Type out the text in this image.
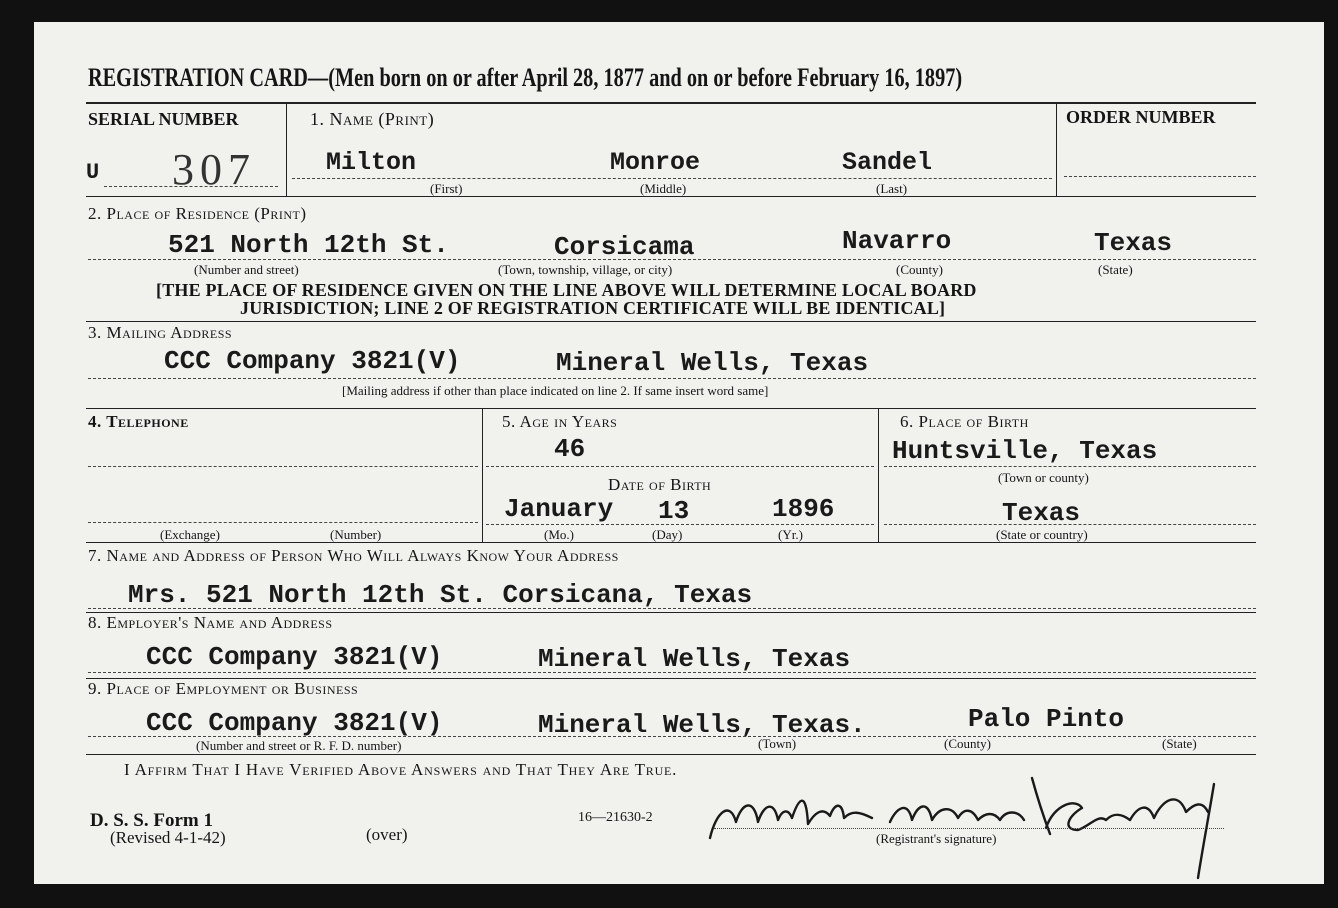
REGISTRATION CARD—(Men born on or after April 28, 1877 and on or before February 16, 1897)
SERIAL NUMBER
U 307
1. Name (Print)
Milton	Monroe	Sandel
(First)	(Middle)	(Last)
ORDER NUMBER
2. Place of Residence (Print)
521 North 12th St.	Corsicama	Navarro	Texas
(Number and street)	(Town, township, village, or city)	(County)	(State)
[THE PLACE OF RESIDENCE GIVEN ON THE LINE ABOVE WILL DETERMINE LOCAL BOARD
JURISDICTION; LINE 2 OF REGISTRATION CERTIFICATE WILL BE IDENTICAL]
3. Mailing Address
CCC Company 3821(V)	Mineral Wells, Texas
[Mailing address if other than place indicated on line 2. If same insert word same]
4. Telephone
(Exchange)	(Number)
5. Age in Years
46
Date of Birth
January 13	1896
(Mo.)	(Day)	(Yr.)
6. Place of Birth
Huntsville, Texas
(Town or county)
Texas
(State or country)
7. Name and Address of Person Who Will Always Know Your Address
Mrs. 521 North 12th St. Corsicana, Texas
8. Employer's Name and Address
CCC Company 3821(V)	Mineral Wells, Texas
9. Place of Employment or Business
CCC Company 3821(V)	Mineral Wells, Texas.	Palo Pinto
(Number and street or R. F. D. number)	(Town)	(County)	(State)
I Affirm That I Have Verified Above Answers and That They Are True.
D. S. S. Form 1
(Revised 4-1-42)	(over)
16—21630-2	Milton Monroe Sandel
(Registrant's signature)
